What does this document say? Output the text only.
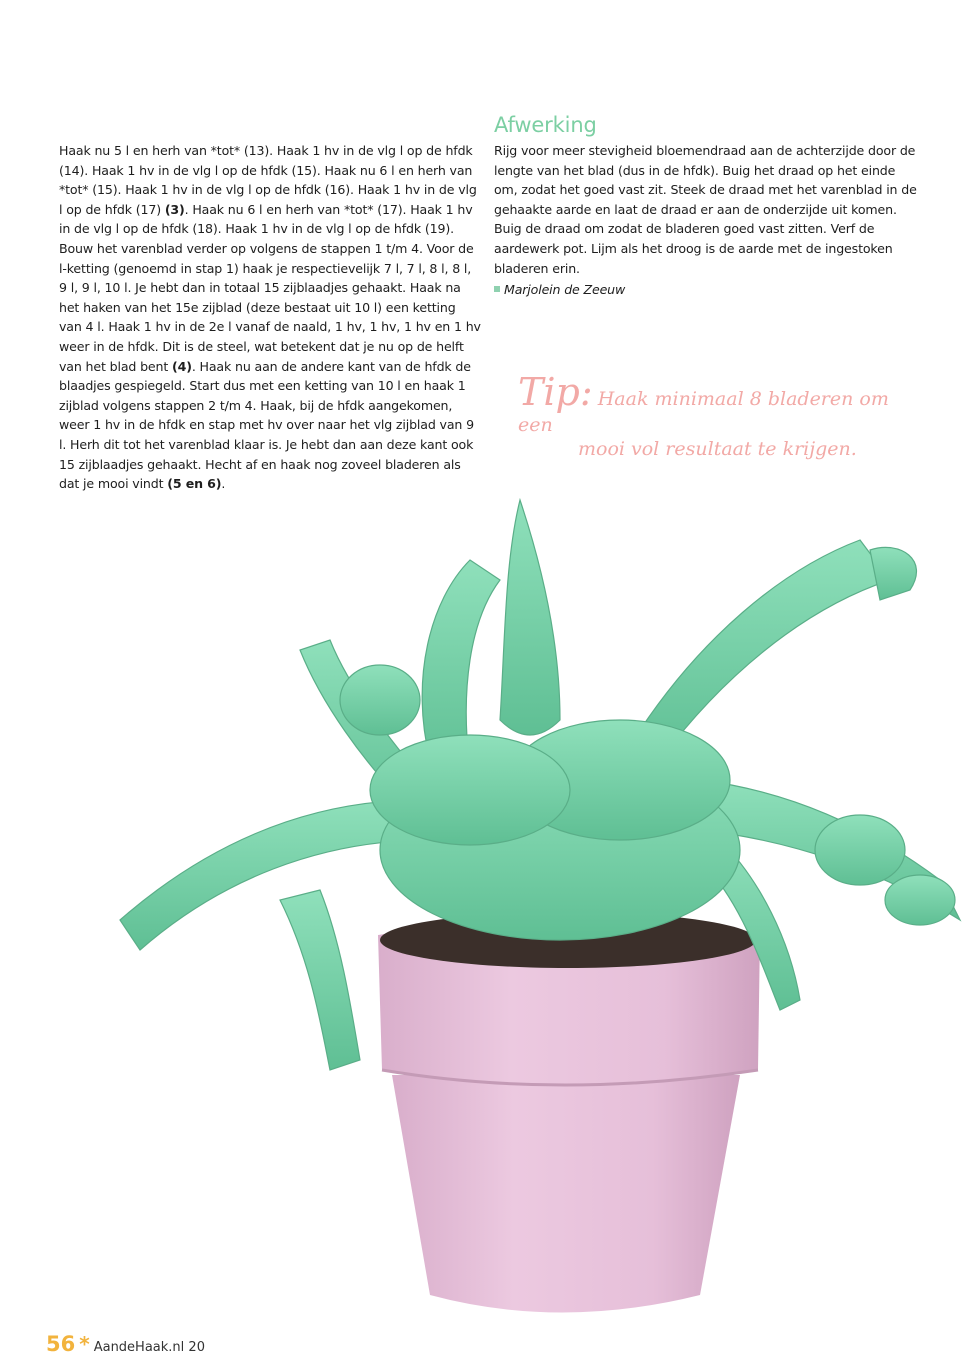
Haak nu 5 l en herh van *tot* (13). Haak 1 hv in de vlg l op de hfdk (14). Haak 1 hv in de vlg l op de hfdk (15). Haak nu 6 l en herh van *tot* (15). Haak 1 hv in de vlg l op de hfdk (16). Haak 1 hv in de vlg l op de hfdk (17) (3). Haak nu 6 l en herh van *tot* (17). Haak 1 hv in de vlg l op de hfdk (18). Haak 1 hv in de vlg l op de hfdk (19). Bouw het varenblad verder op volgens de stappen 1 t/m 4. Voor de l-ketting (genoemd in stap 1) haak je respectievelijk 7 l, 7 l, 8 l, 8 l, 9 l, 9 l, 10 l. Je hebt dan in totaal 15 zijblaadjes gehaakt. Haak na het haken van het 15e zijblad (deze bestaat uit 10 l) een ketting van 4 l. Haak 1 hv in de 2e l vanaf de naald, 1 hv, 1 hv, 1 hv en 1 hv weer in de hfdk. Dit is de steel, wat betekent dat je nu op de helft van het blad bent (4). Haak nu aan de andere kant van de hfdk de blaadjes gespiegeld. Start dus met een ketting van 10 l en haak 1 zijblad volgens stappen 2 t/m 4. Haak, bij de hfdk aangekomen, weer 1 hv in de hfdk en stap met hv over naar het vlg zijblad van 9 l. Herh dit tot het varenblad klaar is. Je hebt dan aan deze kant ook 15 zijblaadjes gehaakt. Hecht af en haak nog zoveel bladeren als dat je mooi vindt (5 en 6).
Afwerking
Rijg voor meer stevigheid bloemendraad aan de achterzijde door de lengte van het blad (dus in de hfdk). Buig het draad op het einde om, zodat het goed vast zit. Steek de draad met het varenblad in de gehaakte aarde en laat de draad er aan de onderzijde uit komen. Buig de draad om zodat de bladeren goed vast zitten. Verf de aardewerk pot. Lijm als het droog is de aarde met de ingestoken bladeren erin.
Marjolein de Zeeuw
Tip: Haak minimaal 8 bladeren om een
mooi vol resultaat te krijgen.
56 * AandeHaak.nl 20
